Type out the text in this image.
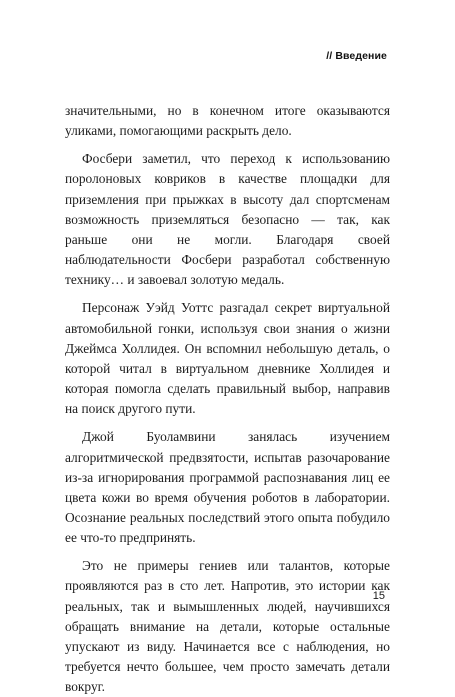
// Введение

значительными, но в конечном итоге оказываются уликами, помогающими раскрыть дело.

Фосбери заметил, что переход к использованию поролоновых ковриков в качестве площадки для приземления при прыжках в высоту дал спортсменам возможность приземляться безопасно — так, как раньше они не могли. Благодаря своей наблюдательности Фосбери разработал собственную технику… и завоевал золотую медаль.

Персонаж Уэйд Уоттс разгадал секрет виртуальной автомобильной гонки, используя свои знания о жизни Джеймса Холлидея. Он вспомнил небольшую деталь, о которой читал в виртуальном дневнике Холлидея и которая помогла сделать правильный выбор, направив на поиск другого пути.

Джой Буоламвини занялась изучением алгоритмической предвзятости, испытав разочарование из-за игнорирования программой распознавания лиц ее цвета кожи во время обучения роботов в лаборатории. Осознание реальных последствий этого опыта побудило ее что-то предпринять.

Это не примеры гениев или талантов, которые проявляются раз в сто лет. Напротив, это истории как реальных, так и вымышленных людей, научившихся обращать внимание на детали, которые остальные упускают из виду. Начинается все с наблюдения, но требуется нечто большее, чем просто замечать детали вокруг.

15
